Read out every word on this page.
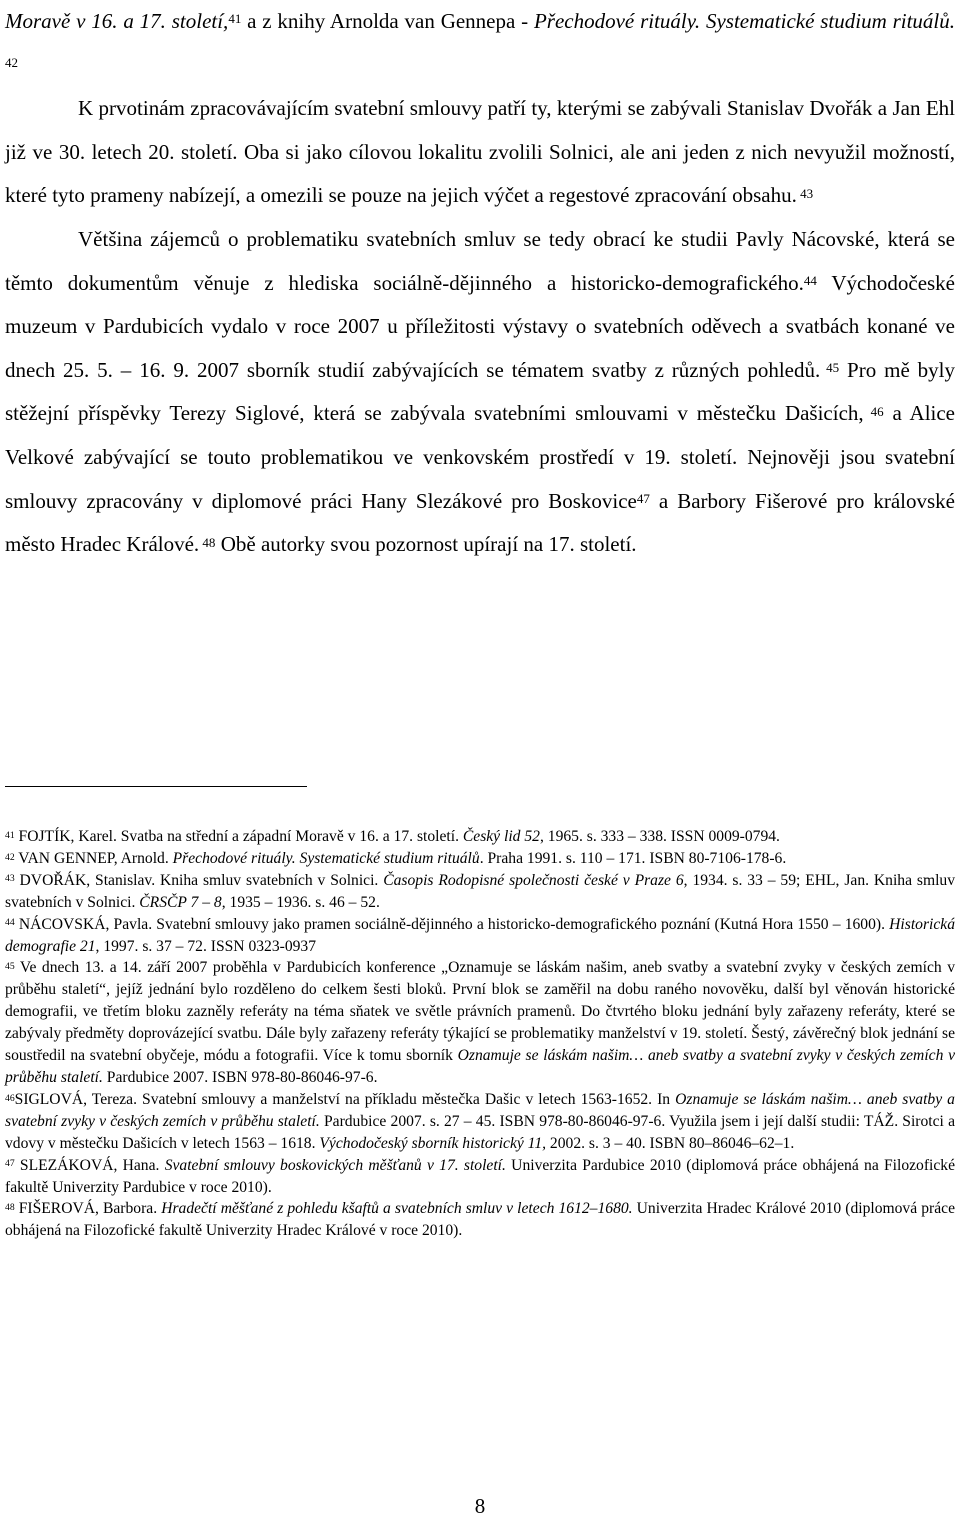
Moravě v 16. a 17. století,$^{41}$ a z knihy Arnolda van Gennepa - Přechodové rituály. Systematické studium rituálů. $^{42}$

K prvotinám zpracovávajícím svatební smlouvy patří ty, kterými se zabývali Stanislav Dvořák a Jan Ehl již ve 30. letech 20. století. Oba si jako cílovou lokalitu zvolili Solnici, ale ani jeden z nich nevyužil možností, které tyto prameny nabízejí, a omezili se pouze na jejich výčet a regestové zpracování obsahu. $^{43}$

Většina zájemců o problematiku svatebních smluv se tedy obrací ke studii Pavly Nácovské, která se těmto dokumentům věnuje z hlediska sociálně-dějinného a historicko-demografického.$^{44}$ Východočeské muzeum v Pardubicích vydalo v roce 2007 u příležitosti výstavy o svatebních oděvech a svatbách konané ve dnech 25. 5. – 16. 9. 2007 sborník studií zabývajících se tématem svatby z různých pohledů. $^{45}$ Pro mě byly stěžejní příspěvky Terezy Siglové, která se zabývala svatebními smlouvami v městečku Dašicích, $^{46}$ a Alice Velkové zabývající se touto problematikou ve venkovském prostředí v 19. století. Nejnověji jsou svatební smlouvy zpracovány v diplomové práci Hany Slezákové pro Boskovice$^{47}$ a Barbory Fišerové pro královské město Hradec Králové. $^{48}$ Obě autorky svou pozornost upírají na 17. století.

$^{41}$ FOJTÍK, Karel. Svatba na střední a západní Moravě v 16. a 17. století. Český lid 52, 1965. s. 333 – 338. ISSN 0009-0794.

$^{42}$ VAN GENNEP, Arnold. Přechodové rituály. Systematické studium rituálů. Praha 1991. s. 110 – 171. ISBN 80-7106-178-6.

$^{43}$ DVOŘÁK, Stanislav. Kniha smluv svatebních v Solnici. Časopis Rodopisné společnosti české v Praze 6, 1934. s. 33 – 59; EHL, Jan. Kniha smluv svatebních v Solnici. ČRSČP 7 – 8, 1935 – 1936. s. 46 – 52.

$^{44}$ NÁCOVSKÁ, Pavla. Svatební smlouvy jako pramen sociálně-dějinného a historicko-demografického poznání (Kutná Hora 1550 – 1600). Historická demografie 21, 1997. s. 37 – 72. ISSN 0323-0937

$^{45}$ Ve dnech 13. a 14. září 2007 proběhla v Pardubicích konference „Oznamuje se láskám našim, aneb svatby a svatební zvyky v českých zemích v průběhu staletí“, jejíž jednání bylo rozděleno do celkem šesti bloků. První blok se zaměřil na dobu raného novověku, další byl věnován historické demografii, ve třetím bloku zazněly referáty na téma sňatek ve světle právních pramenů. Do čtvrtého bloku jednání byly zařazeny referáty, které se zabývaly předměty doprovázející svatbu. Dále byly zařazeny referáty týkající se problematiky manželství v 19. století. Šestý, závěrečný blok jednání se soustředil na svatební obyčeje, módu a fotografii. Více k tomu sborník Oznamuje se láskám našim… aneb svatby a svatební zvyky v českých zemích v průběhu staletí. Pardubice 2007. ISBN 978-80-86046-97-6.

$^{46}$SIGLOVÁ, Tereza. Svatební smlouvy a manželství na příkladu městečka Dašic v letech 1563-1652. In Oznamuje se láskám našim… aneb svatby a svatební zvyky v českých zemích v průběhu staletí. Pardubice 2007. s. 27 – 45. ISBN 978-80-86046-97-6. Využila jsem i její další studii: TÁŽ. Sirotci a vdovy v městečku Dašicích v letech 1563 – 1618. Východočeský sborník historický 11, 2002. s. 3 – 40. ISBN 80–86046–62–1.

$^{47}$ SLEZÁKOVÁ, Hana. Svatební smlouvy boskovických měšťanů v 17. století. Univerzita Pardubice 2010 (diplomová práce obhájená na Filozofické fakultě Univerzity Pardubice v roce 2010).

$^{48}$ FIŠEROVÁ, Barbora. Hradečtí měšťané z pohledu kšaftů a svatebních smluv v letech 1612–1680. Univerzita Hradec Králové 2010 (diplomová práce obhájená na Filozofické fakultě Univerzity Hradec Králové v roce 2010).

8
